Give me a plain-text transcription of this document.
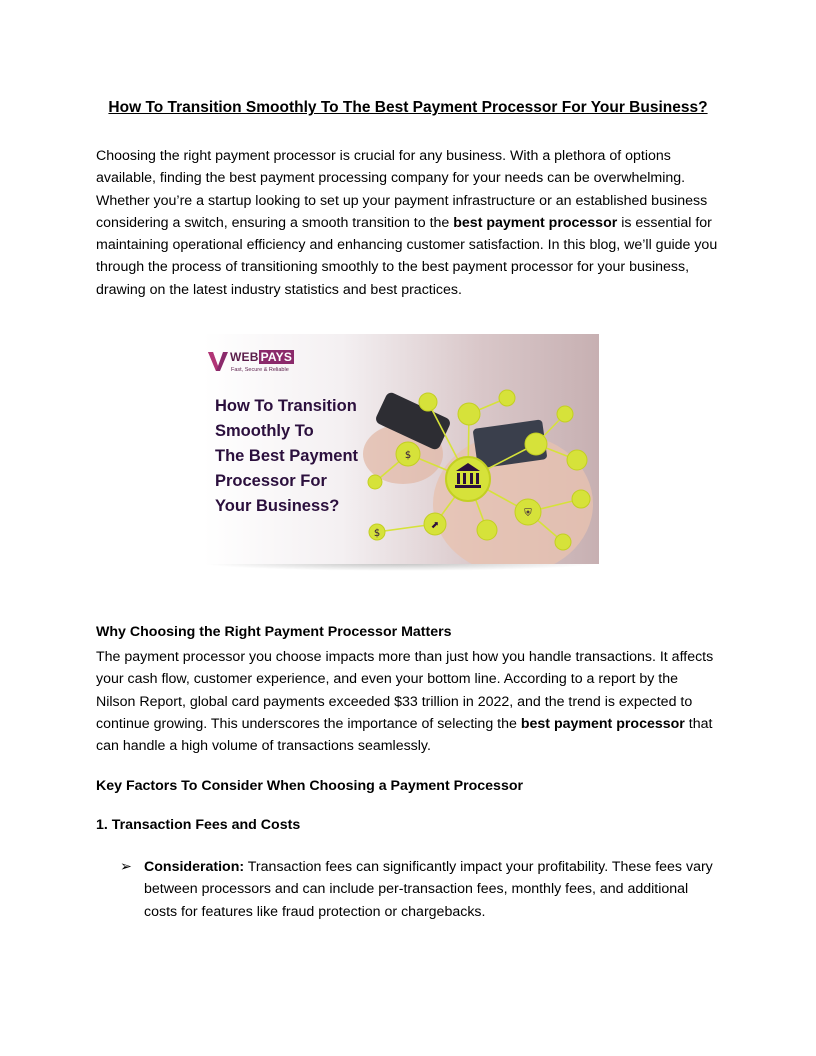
How To Transition Smoothly To The Best Payment Processor For Your Business?

Choosing the right payment processor is crucial for any business. With a plethora of options available, finding the best payment processing company for your needs can be overwhelming. Whether you’re a startup looking to set up your payment infrastructure or an established business considering a switch, ensuring a smooth transition to the best payment processor is essential for maintaining operational efficiency and enhancing customer satisfaction. In this blog, we’ll guide you through the process of transitioning smoothly to the best payment processor for your business, drawing on the latest industry statistics and best practices.

$
⛨
⬈
$
WEB PAYS
Fast, Secure & Reliable
How To Transition
Smoothly To
The Best Payment
Processor For
Your Business?

Why Choosing the Right Payment Processor Matters

The payment processor you choose impacts more than just how you handle transactions. It affects your cash flow, customer experience, and even your bottom line. According to a report by the Nilson Report, global card payments exceeded $33 trillion in 2022, and the trend is expected to continue growing. This underscores the importance of selecting the best payment processor that can handle a high volume of transactions seamlessly.

Key Factors To Consider When Choosing a Payment Processor

1. Transaction Fees and Costs

➢ Consideration: Transaction fees can significantly impact your profitability. These fees vary between processors and can include per-transaction fees, monthly fees, and additional costs for features like fraud protection or chargebacks.
